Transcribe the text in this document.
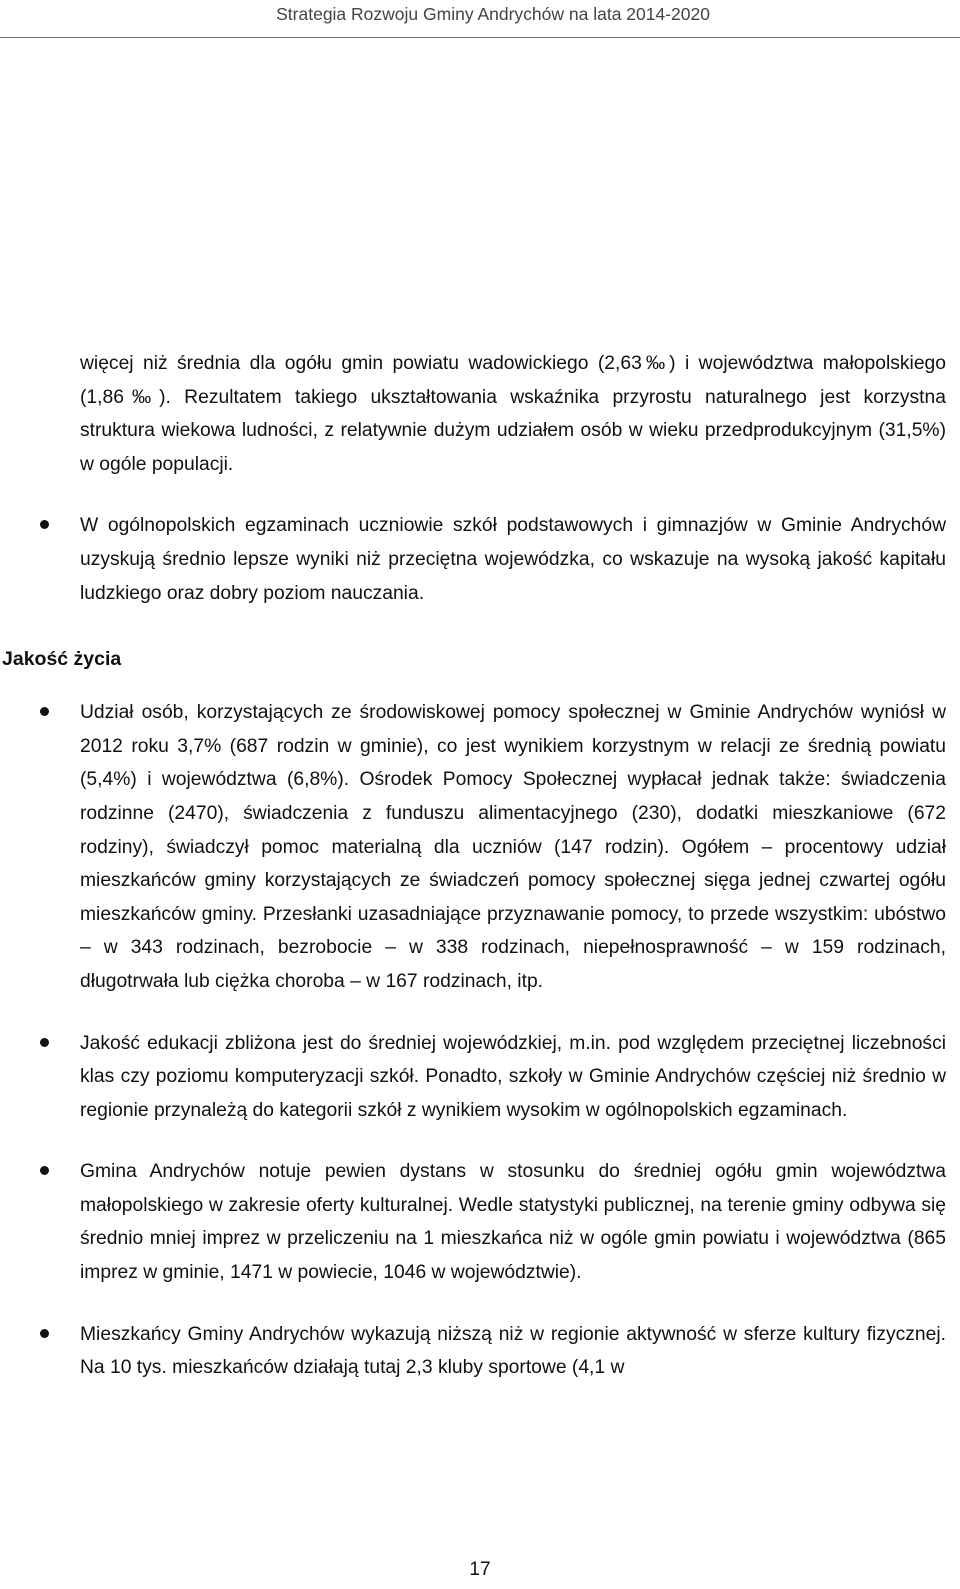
Strategia Rozwoju Gminy Andrychów na lata 2014-2020

więcej niż średnia dla ogółu gmin powiatu wadowickiego (2,63‰) i województwa małopolskiego (1,86‰). Rezultatem takiego ukształtowania wskaźnika przyrostu naturalnego jest korzystna struktura wiekowa ludności, z relatywnie dużym udziałem osób w wieku przedprodukcyjnym (31,5%) w ogóle populacji.

W ogólnopolskich egzaminach uczniowie szkół podstawowych i gimnazjów w Gminie Andrychów uzyskują średnio lepsze wyniki niż przeciętna wojewódzka, co wskazuje na wysoką jakość kapitału ludzkiego oraz dobry poziom nauczania.

Jakość życia

Udział osób, korzystających ze środowiskowej pomocy społecznej w Gminie Andrychów wyniósł w 2012 roku 3,7% (687 rodzin w gminie), co jest wynikiem korzystnym w relacji ze średnią powiatu (5,4%) i województwa (6,8%). Ośrodek Pomocy Społecznej wypłacał jednak także: świadczenia rodzinne (2470), świadczenia z funduszu alimentacyjnego (230), dodatki mieszkaniowe (672 rodziny), świadczył pomoc materialną dla uczniów (147 rodzin). Ogółem – procentowy udział mieszkańców gminy korzystających ze świadczeń pomocy społecznej sięga jednej czwartej ogółu mieszkańców gminy. Przesłanki uzasadniające przyznawanie pomocy, to przede wszystkim: ubóstwo – w 343 rodzinach, bezrobocie – w 338 rodzinach, niepełnosprawność – w 159 rodzinach, długotrwała lub ciężka choroba – w 167 rodzinach, itp.

Jakość edukacji zbliżona jest do średniej wojewódzkiej, m.in. pod względem przeciętnej liczebności klas czy poziomu komputeryzacji szkół. Ponadto, szkoły w Gminie Andrychów częściej niż średnio w regionie przynależą do kategorii szkół z wynikiem wysokim w ogólnopolskich egzaminach.

Gmina Andrychów notuje pewien dystans w stosunku do średniej ogółu gmin województwa małopolskiego w zakresie oferty kulturalnej. Wedle statystyki publicznej, na terenie gminy odbywa się średnio mniej imprez w przeliczeniu na 1 mieszkańca niż w ogóle gmin powiatu i województwa (865 imprez w gminie, 1471 w powiecie, 1046 w województwie).

Mieszkańcy Gminy Andrychów wykazują niższą niż w regionie aktywność w sferze kultury fizycznej. Na 10 tys. mieszkańców działają tutaj 2,3 kluby sportowe (4,1 w

17
